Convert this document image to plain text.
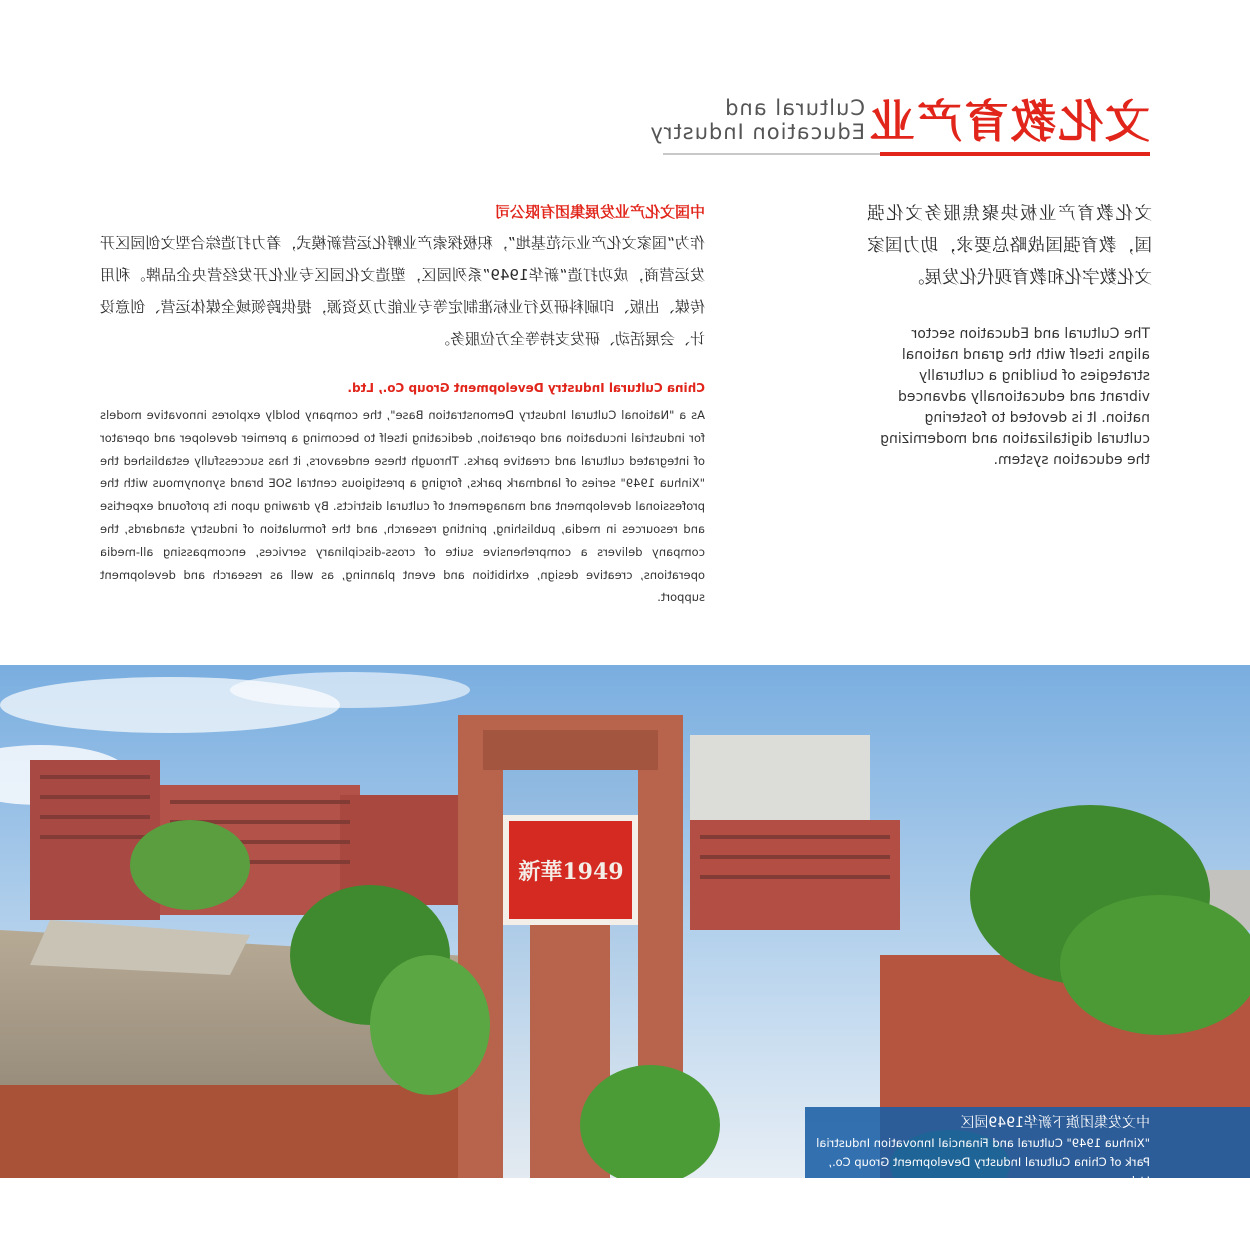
文化教育产业
Cultural and
Education Industry

文化教育产业板块聚焦服务文化强国，教育强国战略总要求，助力国家文化数字化和教育现代化发展。

The Cultural and Education sector aligns itself with the grand national strategies of building a culturally vibrant and educationally advanced nation. It is devoted to fostering cultural digitalization and modernizing the education system.

中国文化产业发展集团有限公司

作为“国家文化产业示范基地”，积极探索产业孵化运营新模式，着力打造综合型文创园区开发运营商，成功打造“新华1949”系列园区，塑造文化园区专业化开发经营央企品牌。利用传媒、出版、印刷科研及行业标准制定等专业能力及资源，提供跨领域全媒体运营、创意设计、会展活动、研发支持等全方位服务。

China Cultural Industry Development Group Co., Ltd.

As a "National Cultural Industry Demonstration Base", the company boldly explores innovative models for industrial incubation and operation, dedicating itself to becoming a premier developer and operator of integrated cultural and creative parks. Through these endeavors, it has successfully established the "Xinhua 1949" series of landmark parks, forging a prestigious central SOE brand synonymous with the professional development and management of cultural districts. By drawing upon its profound expertise and resources in media, publishing, printing research, and the formulation of industry standards, the company delivers a comprehensive suite of cross-disciplinary services, encompassing all-media operations, creative design, exhibition and event planning, as well as research and development support.

新華1949

中文发集团旗下新华1949园区

"Xinhua 1949" Cultural and Financial Innovation Industrial Park of China Cultural Industry Development Group Co., Ltd.
